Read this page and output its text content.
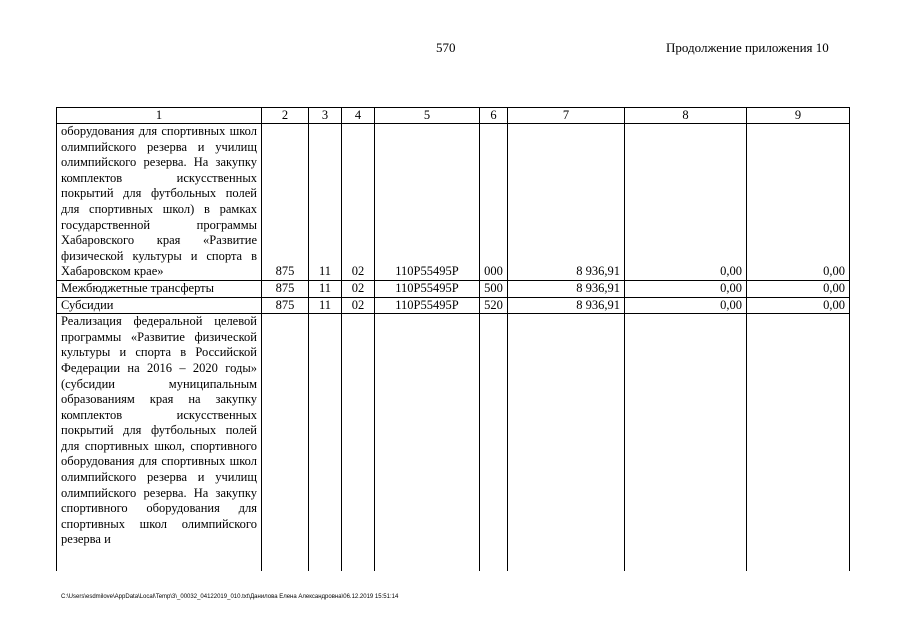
570	Продолжение приложения 10
1	2	3	4	5	6	7	8	9

оборудования для спортивных школ олимпийского резерва и училищ олимпийского резерва. На закупку комплектов искусственных покрытий для футбольных полей для спортивных школ) в рамках государственной программы Хабаровского края «Развитие физической культуры и спорта в Хабаровском крае»	875	11	02	110P55495P	000	8 936,91	0,00	0,00
Межбюджетные трансферты	875	11	02	110P55495P	500	8 936,91	0,00	0,00
Субсидии	875	11	02	110P55495P	520	8 936,91	0,00	0,00

Реализация федеральной целевой программы «Развитие физической культуры и спорта в Российской Федерации на 2016 – 2020 годы» (субсидии муниципальным образованиям края на закупку комплектов искусственных покрытий для футбольных полей для спортивных школ, спортивного оборудования для спортивных школ олимпийского резерва и училищ олимпийского резерва. На закупку спортивного оборудования для спортивных школ олимпийского резерва и								

C:\Users\esdmilove\AppData\Local\Temp\3\_00032_04122019_010.txt\Данилова Елена Александровна\06.12.2019 15:51:14
